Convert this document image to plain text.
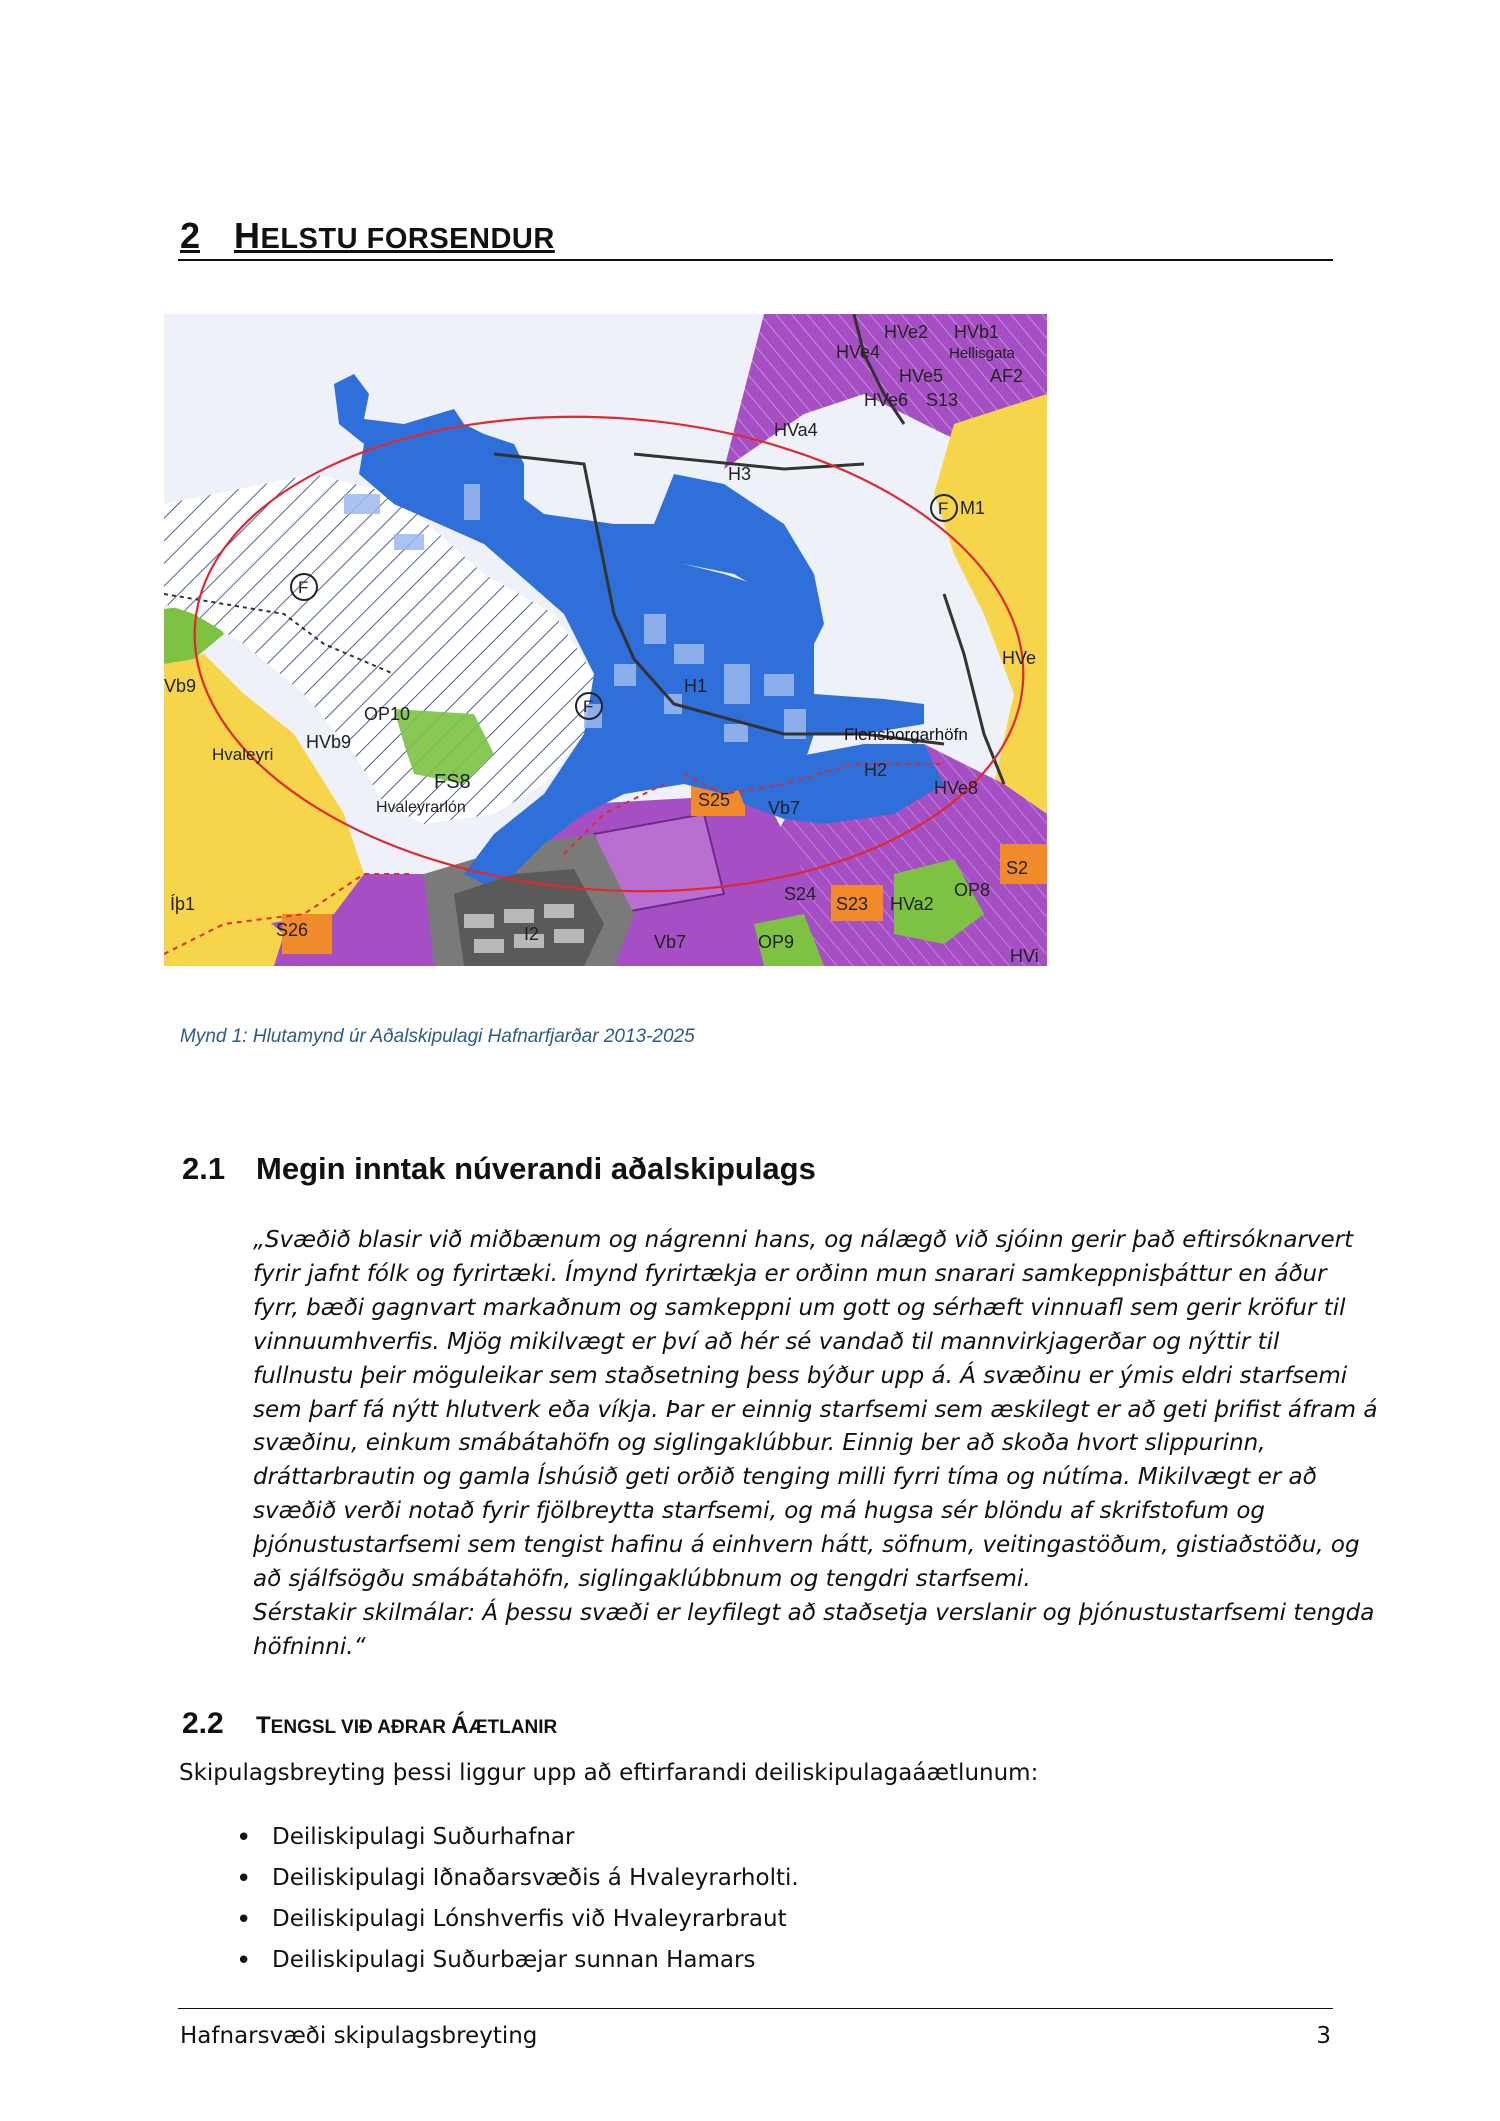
2 HELSTU FORSENDUR
HVe2 HVb1
Hellisgata
HVe4
HVe5	AF2
HVe6 S13
HVa4
H3
F M1
F
HVe
H1
Vb9
OP10	F
HVb9
Hvaleyri
FS8
Hvaleyrarlón
Flensborgarhöfn
H2
HVe8
S25 Vb7
Íþ1
S26	I2	Vb7	OP9
S24 S23 HVa2
S2
OP8
HVi
Mynd 1: Hlutamynd úr Aðalskipulagi Hafnarfjarðar 2013-2025
2.1 Megin inntak núverandi aðalskipulags
„Svæðið blasir við miðbænum og nágrenni hans, og nálægð við sjóinn gerir það eftirsóknarvert
fyrir jafnt fólk og fyrirtæki. Ímynd fyrirtækja er orðinn mun snarari samkeppnisþáttur en áður
fyrr, bæði gagnvart markaðnum og samkeppni um gott og sérhæft vinnuafl sem gerir kröfur til
vinnuumhverfis. Mjög mikilvægt er því að hér sé vandað til mannvirkjagerðar og nýttir til
fullnustu þeir möguleikar sem staðsetning þess býður upp á. Á svæðinu er ýmis eldri starfsemi
sem þarf fá nýtt hlutverk eða víkja. Þar er einnig starfsemi sem æskilegt er að geti þrifist áfram á
svæðinu, einkum smábátahöfn og siglingaklúbbur. Einnig ber að skoða hvort slippurinn,
dráttarbrautin og gamla Íshúsið geti orðið tenging milli fyrri tíma og nútíma. Mikilvægt er að
svæðið verði notað fyrir fjölbreytta starfsemi, og má hugsa sér blöndu af skrifstofum og
þjónustustarfsemi sem tengist hafinu á einhvern hátt, söfnum, veitingastöðum, gistiaðstöðu, og
að sjálfsögðu smábátahöfn, siglingaklúbbnum og tengdri starfsemi.
Sérstakir skilmálar: Á þessu svæði er leyfilegt að staðsetja verslanir og þjónustustarfsemi tengda
höfninni.“
2.2 TENGSL VIÐ AÐRAR ÁÆTLANIR
Skipulagsbreyting þessi liggur upp að eftirfarandi deiliskipulagaáætlunum:
• Deiliskipulagi Suðurhafnar
• Deiliskipulagi Iðnaðarsvæðis á Hvaleyrarholti.
• Deiliskipulagi Lónshverfis við Hvaleyrarbraut
• Deiliskipulagi Suðurbæjar sunnan Hamars
Hafnarsvæði skipulagsbreyting	3
